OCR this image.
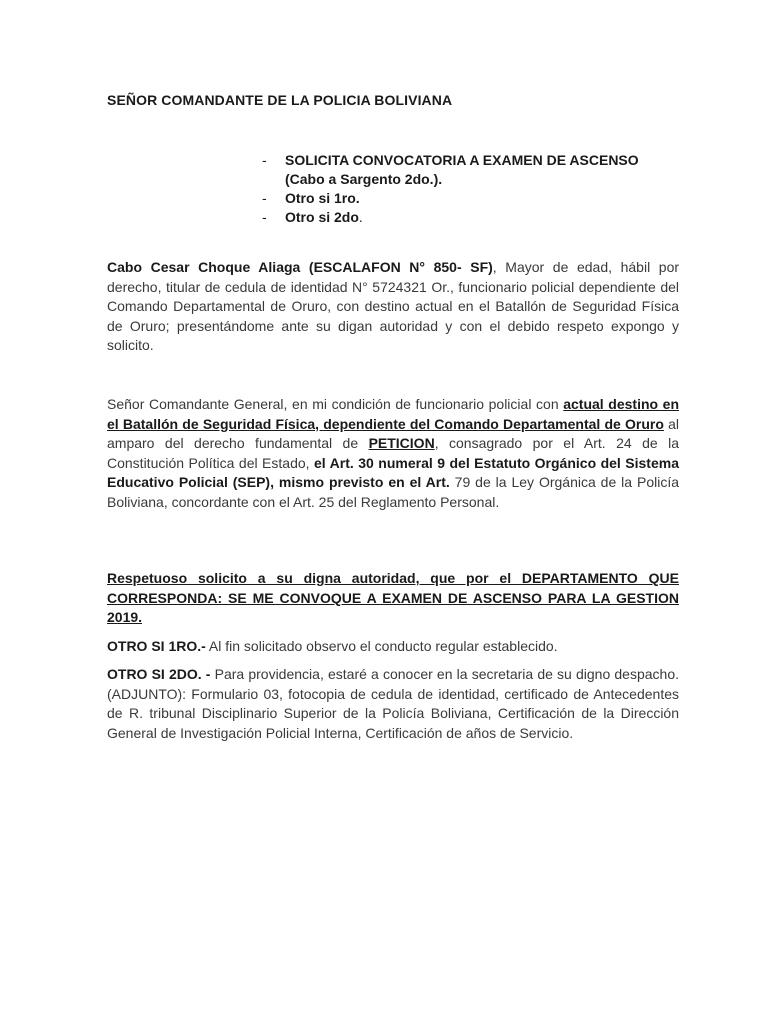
SEÑOR COMANDANTE DE LA POLICIA BOLIVIANA
- SOLICITA CONVOCATORIA A EXAMEN DE ASCENSO (Cabo a Sargento 2do.).
- Otro si 1ro.
- Otro si 2do.

Cabo Cesar Choque Aliaga (ESCALAFON N° 850- SF), Mayor de edad, hábil por derecho, titular de cedula de identidad N° 5724321 Or., funcionario policial dependiente del Comando Departamental de Oruro, con destino actual en el Batallón de Seguridad Física de Oruro; presentándome ante su digan autoridad y con el debido respeto expongo y solicito.

Señor Comandante General, en mi condición de funcionario policial con actual destino en el Batallón de Seguridad Física, dependiente del Comando Departamental de Oruro al amparo del derecho fundamental de PETICION, consagrado por el Art. 24 de la Constitución Política del Estado, el Art. 30 numeral 9 del Estatuto Orgánico del Sistema Educativo Policial (SEP), mismo previsto en el Art. 79 de la Ley Orgánica de la Policía Boliviana, concordante con el Art. 25 del Reglamento Personal.

Respetuoso solicito a su digna autoridad, que por el DEPARTAMENTO QUE CORRESPONDA: SE ME CONVOQUE A EXAMEN DE ASCENSO PARA LA GESTION 2019.

OTRO SI 1RO.- Al fin solicitado observo el conducto regular establecido.

OTRO SI 2DO. - Para providencia, estaré a conocer en la secretaria de su digno despacho. (ADJUNTO): Formulario 03, fotocopia de cedula de identidad, certificado de Antecedentes de R. tribunal Disciplinario Superior de la Policía Boliviana, Certificación de la Dirección General de Investigación Policial Interna, Certificación de años de Servicio.
